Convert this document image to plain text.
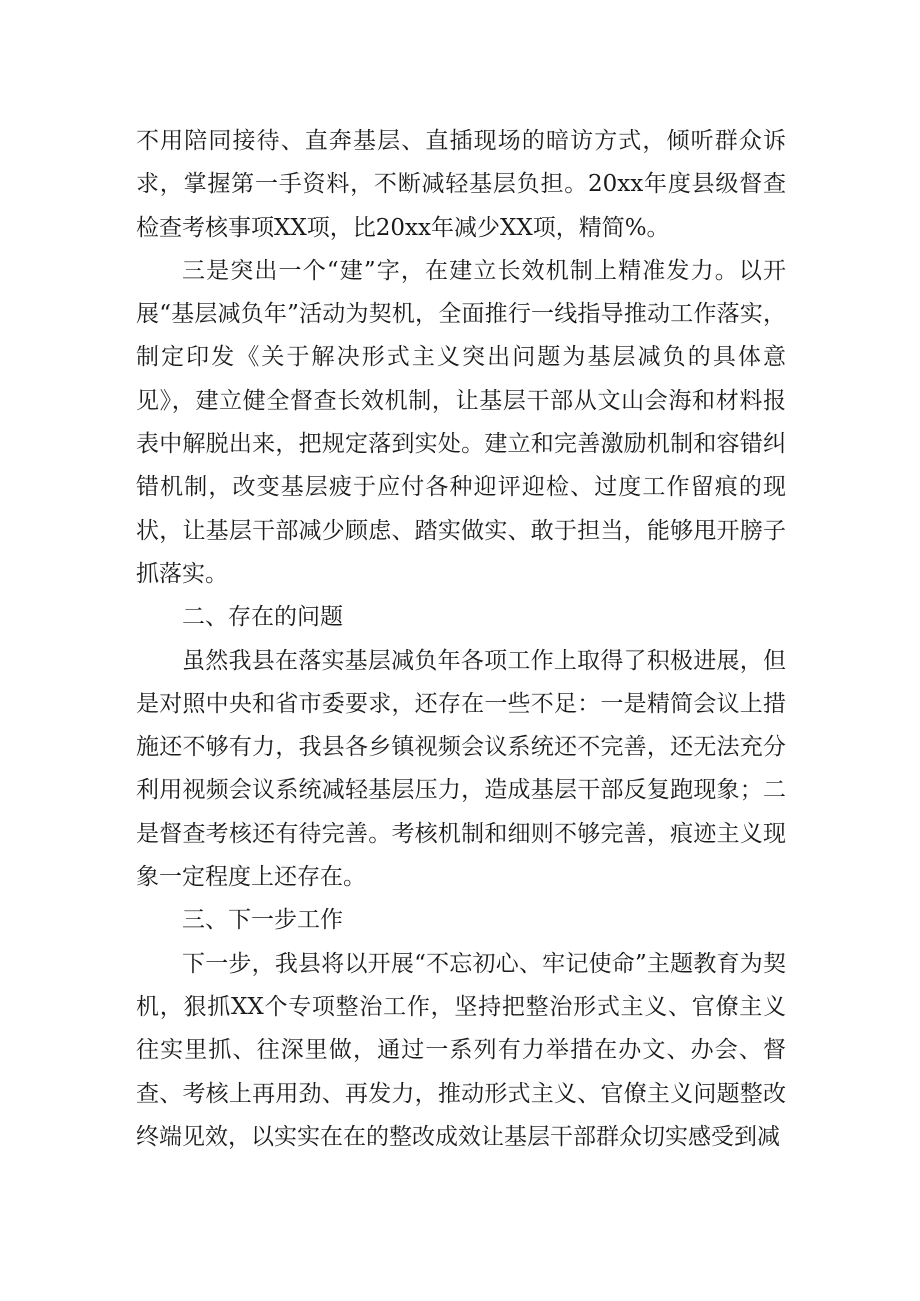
不用陪同接待、直奔基层、直插现场的暗访方式，倾听群众诉求，掌握第一手资料，不断减轻基层负担。20xx年度县级督查检查考核事项XX项，比20xx年减少XX项，精简%。

三是突出一个“建”字，在建立长效机制上精准发力。以开展“基层减负年”活动为契机，全面推行一线指导推动工作落实，制定印发《关于解决形式主义突出问题为基层减负的具体意见》，建立健全督查长效机制，让基层干部从文山会海和材料报表中解脱出来，把规定落到实处。建立和完善激励机制和容错纠错机制，改变基层疲于应付各种迎评迎检、过度工作留痕的现状，让基层干部减少顾虑、踏实做实、敢于担当，能够甩开膀子抓落实。

二、存在的问题

虽然我县在落实基层减负年各项工作上取得了积极进展，但是对照中央和省市委要求，还存在一些不足：一是精简会议上措施还不够有力，我县各乡镇视频会议系统还不完善，还无法充分利用视频会议系统减轻基层压力，造成基层干部反复跑现象；二是督查考核还有待完善。考核机制和细则不够完善，痕迹主义现象一定程度上还存在。

三、下一步工作

下一步，我县将以开展“不忘初心、牢记使命”主题教育为契机，狠抓XX个专项整治工作，坚持把整治形式主义、官僚主义往实里抓、往深里做，通过一系列有力举措在办文、办会、督查、考核上再用劲、再发力，推动形式主义、官僚主义问题整改终端见效，以实实在在的整改成效让基层干部群众切实感受到减
